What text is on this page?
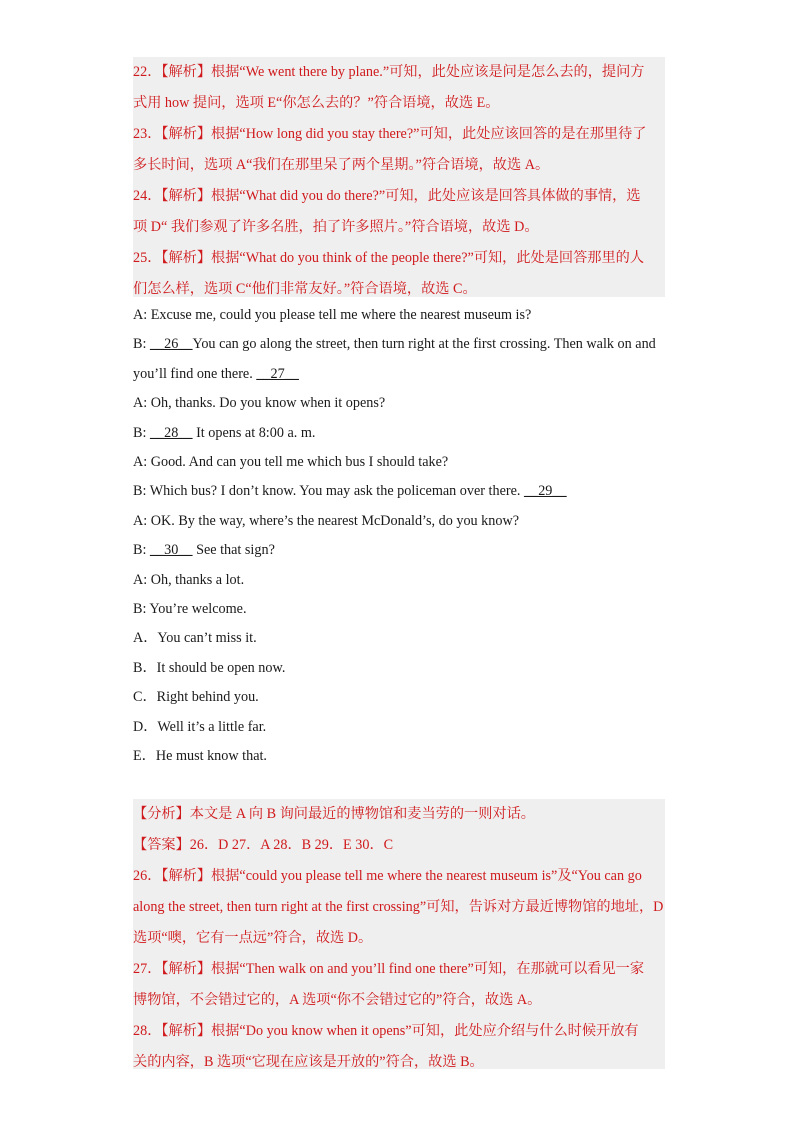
22．【解析】根据“We went there by plane.”可知，此处应该是问是怎么去的，提问方
式用 how 提问，选项 E“你怎么去的？”符合语境，故选 E。
23．【解析】根据“How long did you stay there?”可知，此处应该回答的是在那里待了
多长时间，选项 A“我们在那里呆了两个星期。”符合语境，故选 A。
24．【解析】根据“What did you do there?”可知，此处应该是回答具体做的事情，选
项 D“ 我们参观了许多名胜，拍了许多照片。”符合语境，故选 D。
25．【解析】根据“What do you think of the people there?”可知，此处是回答那里的人
们怎么样，选项 C“他们非常友好。”符合语境，故选 C。
A: Excuse me, could you please tell me where the nearest museum is?
B: __26__You can go along the street, then turn right at the first crossing. Then walk on and
you’ll find one there. __27__
A: Oh, thanks. Do you know when it opens?
B: __28__ It opens at 8:00 a. m.
A: Good. And can you tell me which bus I should take?
B: Which bus? I don’t know. You may ask the policeman over there. __29__
A: OK. By the way, where’s the nearest McDonald’s, do you know?
B: __30__ See that sign?
A: Oh, thanks a lot.
B: You’re welcome.
A．You can’t miss it.
B．It should be open now.
C．Right behind you.
D．Well it’s a little far.
E．He must know that.
【分析】本文是 A 向 B 询问最近的博物馆和麦当劳的一则对话。
【答案】26．D 27．A 28．B 29．E 30．C
26．【解析】根据“could you please tell me where the nearest museum is”及“You can go
along the street, then turn right at the first crossing”可知，告诉对方最近博物馆的地址，D
选项“噢，它有一点远”符合，故选 D。
27．【解析】根据“Then walk on and you’ll find one there”可知，在那就可以看见一家
博物馆，不会错过它的，A 选项“你不会错过它的”符合，故选 A。
28．【解析】根据“Do you know when it opens”可知，此处应介绍与什么时候开放有
关的内容，B 选项“它现在应该是开放的”符合，故选 B。
